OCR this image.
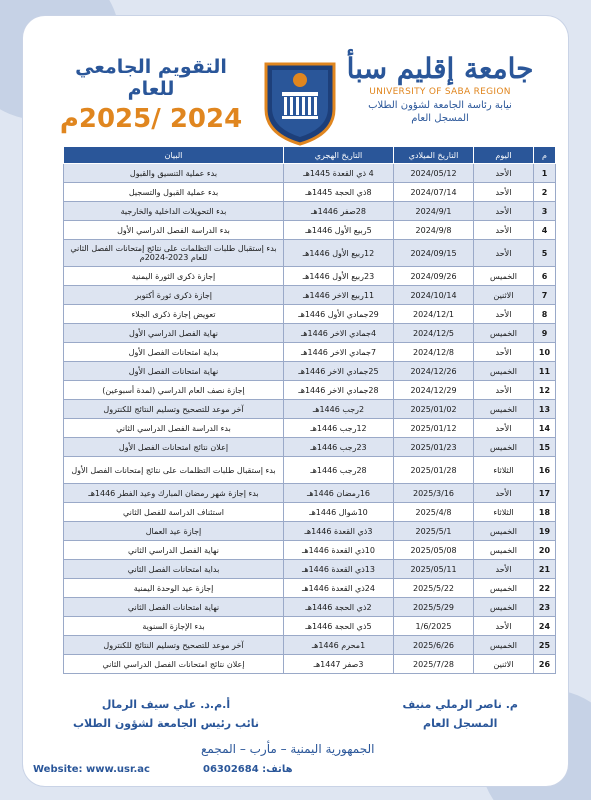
التقويم الجامعي للعام
2024 /2025م
جامعة إقليم سبأ
UNIVERSITY OF SABA REGION
نيابة رئاسة الجامعة لشؤون الطلاب
المسجل العام
م	اليوم	التاريخ الميلادي	التاريخ الهجري	البيان
1	الأحد	2024/05/12	4 ذي القعدة 1445هـ	بدء عملية التنسيق والقبول
2	الأحد	2024/07/14	8ذي الحجة 1445هـ	بدء عملية القبول والتسجيل
3	الأحد	2024/9/1	28صفر 1446هـ	بدء التحويلات الداخلية والخارجية
4	الأحد	2024/9/8	5ربيع الأول 1446هـ	بدء الدراسة الفصل الدراسي الأول
5	الأحد	2024/09/15	12ربيع الأول 1446هـ	بدء إستقبال طلبات التظلمات على نتائج إمتحانات الفصل الثاني للعام 2023-2024م
6	الخميس	2024/09/26	23ربيع الأول 1446هـ	إجازة ذكرى الثورة اليمنية
7	الاثنين	2024/10/14	11ربيع الاخر 1446هـ	إجازة ذكرى ثورة أكتوبر
8	الأحد	2024/12/1	29جمادي الأول 1446هـ	تعويض إجازة ذكرى الجلاء
9	الخميس	2024/12/5	4جمادي الاخر 1446هـ	نهاية الفصل الدراسي الأول
10	الأحد	2024/12/8	7جمادي الاخر 1446هـ	بداية امتحانات الفصل الأول
11	الخميس	2024/12/26	25جمادي الاخر 1446هـ	نهاية امتحانات الفصل الأول
12	الأحد	2024/12/29	28جمادي الاخر 1446هـ	إجازة نصف العام الدراسي (لمدة أسبوعين)
13	الخميس	2025/01/02	2رجب 1446هـ	آخر موعد للتصحيح وتسليم النتائج للكنترول
14	الأحد	2025/01/12	12رجب 1446هـ	بدء الدراسة الفصل الدراسي الثاني
15	الخميس	2025/01/23	23رجب 1446هـ	إعلان نتائج امتحانات الفصل الأول
16	الثلاثاء	2025/01/28	28رجب 1446هـ	بدء إستقبال طلبات التظلمات على نتائج إمتحانات الفصل الأول
17	الأحد	2025/3/16	16رمضان 1446هـ	بدء إجازة شهر رمضان المبارك وعيد الفطر 1446هـ
18	الثلاثاء	2025/4/8	10شوال 1446هـ	استئناف الدراسة للفصل الثاني
19	الخميس	2025/5/1	3ذي القعدة 1446هـ	إجازة عيد العمال
20	الخميس	2025/05/08	10ذي القعدة 1446هـ	نهاية الفصل الدراسي الثاني
21	الأحد	2025/05/11	13ذي القعدة 1446هـ	بداية امتحانات الفصل الثاني
22	الخميس	2025/5/22	24ذي القعدة 1446هـ	إجازة عيد الوحدة اليمنية
23	الخميس	2025/5/29	2ذي الحجة 1446هـ	نهاية امتحانات الفصل الثاني
24	الأحد	1/6/2025	5ذي الحجة 1446هـ	بدء الإجازة السنوية
25	الخميس	2025/6/26	1محرم 1446هـ	آخر موعد للتصحيح وتسليم النتائج للكنترول
26	الاثنين	2025/7/28	3صفر 1447هـ	إعلان نتائج امتحانات الفصل الدراسي الثاني
م. ناصر الرملي منيف
المسجل العام
أ.م.د. علي سيف الرمال
نائب رئيس الجامعة لشؤون الطلاب
الجمهورية اليمنية – مأرب – المجمع
Website: www.usr.ac	هاتف: 06302684
